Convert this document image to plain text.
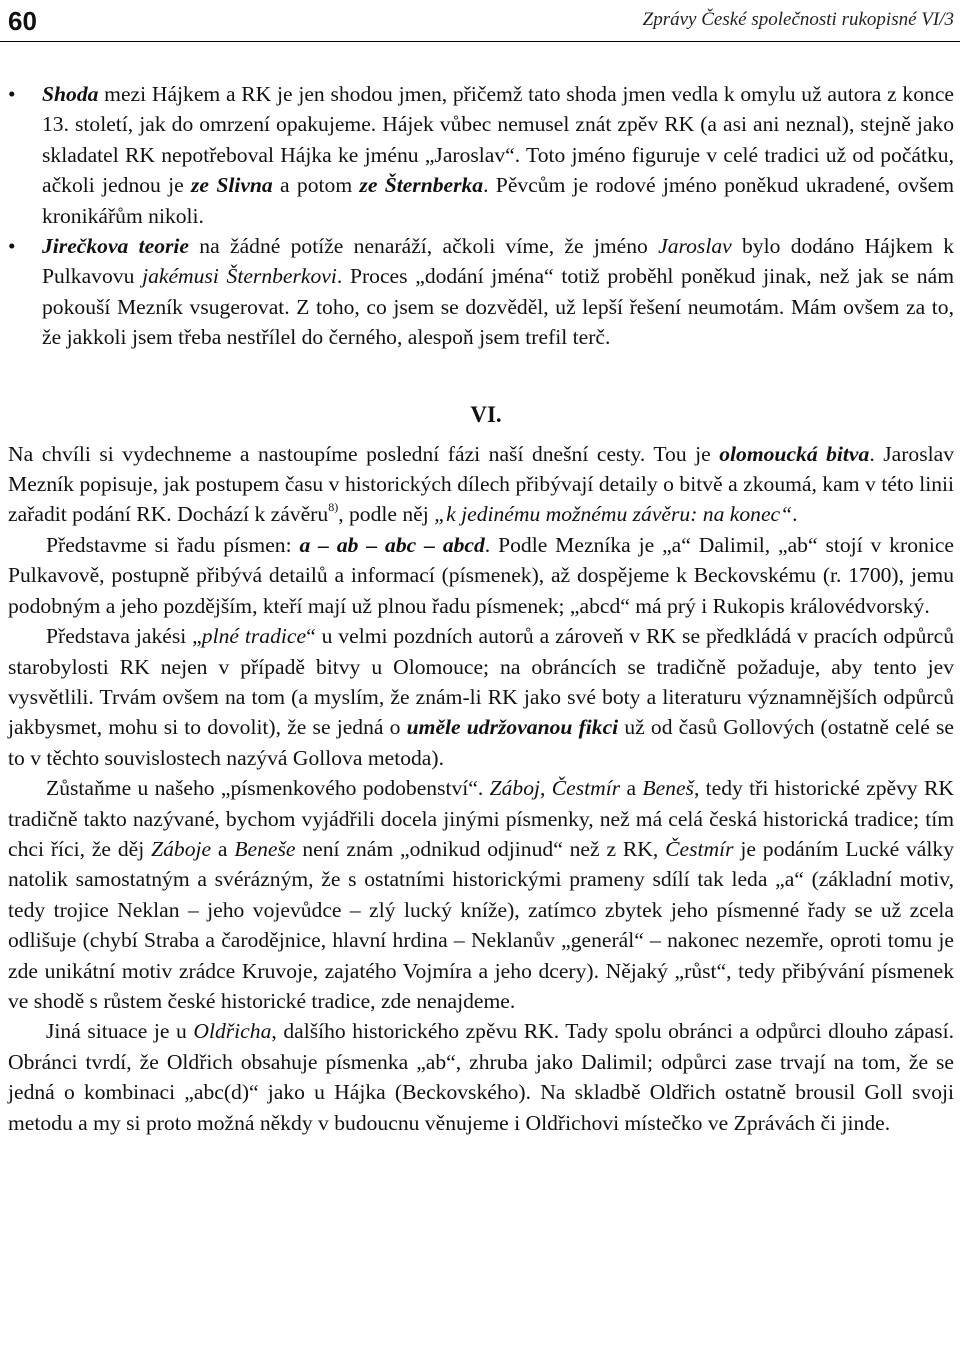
60	Zprávy České společnosti rukopisné VI/3
• Shoda mezi Hájkem a RK je jen shodou jmen, přičemž tato shoda jmen vedla k omylu už autora z konce 13. století, jak do omrzení opakujeme. Hájek vůbec nemusel znát zpěv RK (a asi ani neznal), stejně jako skladatel RK nepotřeboval Hájka ke jménu „Jaroslav“. Toto jméno figuruje v celé tradici už od počátku, ačkoli jednou je ze Slivna a potom ze Šternberka. Pěvcům je rodové jméno poněkud ukradené, ovšem kronikářům nikoli.
• Jirečkova teorie na žádné potíže nenaráží, ačkoli víme, že jméno Jaroslav bylo dodáno Hájkem k Pulkavovu jakémusi Šternberkovi. Proces „dodání jména“ totiž proběhl poněkud jinak, než jak se nám pokouší Mezník vsugerovat. Z toho, co jsem se dozvěděl, už lepší řešení neumotám. Mám ovšem za to, že jakkoli jsem třeba nestřílel do černého, alespoň jsem trefil terč.
VI.

Na chvíli si vydechneme a nastoupíme poslední fázi naší dnešní cesty. Tou je olomoucká bitva. Jaroslav Mezník popisuje, jak postupem času v historických dílech přibývají detaily o bitvě a zkoumá, kam v této linii zařadit podání RK. Dochází k závěru$^{8)}$, podle něj „k jedinému možnému závěru: na konec“.

Představme si řadu písmen: a – ab – abc – abcd. Podle Mezníka je „a“ Dalimil, „ab“ stojí v kronice Pulkavově, postupně přibývá detailů a informací (písmenek), až dospějeme k Beckovskému (r. 1700), jemu podobným a jeho pozdějším, kteří mají už plnou řadu písmenek; „abcd“ má prý i Rukopis královédvorský.

Představa jakési „plné tradice“ u velmi pozdních autorů a zároveň v RK se předkládá v pracích odpůrců starobylosti RK nejen v případě bitvy u Olomouce; na obráncích se tradičně požaduje, aby tento jev vysvětlili. Trvám ovšem na tom (a myslím, že znám-li RK jako své boty a literaturu významnějších odpůrců jakbysmet, mohu si to dovolit), že se jedná o uměle udržovanou fikci už od časů Gollových (ostatně celé se to v těchto souvislostech nazývá Gollova metoda).

Zůstaňme u našeho „písmenkového podobenství“. Záboj, Čestmír a Beneš, tedy tři historické zpěvy RK tradičně takto nazývané, bychom vyjádřili docela jinými písmenky, než má celá česká historická tradice; tím chci říci, že děj Záboje a Beneše není znám „odnikud odjinud“ než z RK, Čestmír je podáním Lucké války natolik samostatným a svérázným, že s ostatními historickými prameny sdílí tak leda „a“ (základní motiv, tedy trojice Neklan – jeho vojevůdce – zlý lucký kníže), zatímco zbytek jeho písmenné řady se už zcela odlišuje (chybí Straba a čarodějnice, hlavní hrdina – Neklanův „generál“ – nakonec nezemře, oproti tomu je zde unikátní motiv zrádce Kruvoje, zajatého Vojmíra a jeho dcery). Nějaký „růst“, tedy přibývání písmenek ve shodě s růstem české historické tradice, zde nenajdeme.

Jiná situace je u Oldřicha, dalšího historického zpěvu RK. Tady spolu obránci a odpůrci dlouho zápasí. Obránci tvrdí, že Oldřich obsahuje písmenka „ab“, zhruba jako Dalimil; odpůrci zase trvají na tom, že se jedná o kombinaci „abc(d)“ jako u Hájka (Beckovského). Na skladbě Oldřich ostatně brousil Goll svoji metodu a my si proto možná někdy v budoucnu věnujeme i Oldřichovi místečko ve Zprávách či jinde.
